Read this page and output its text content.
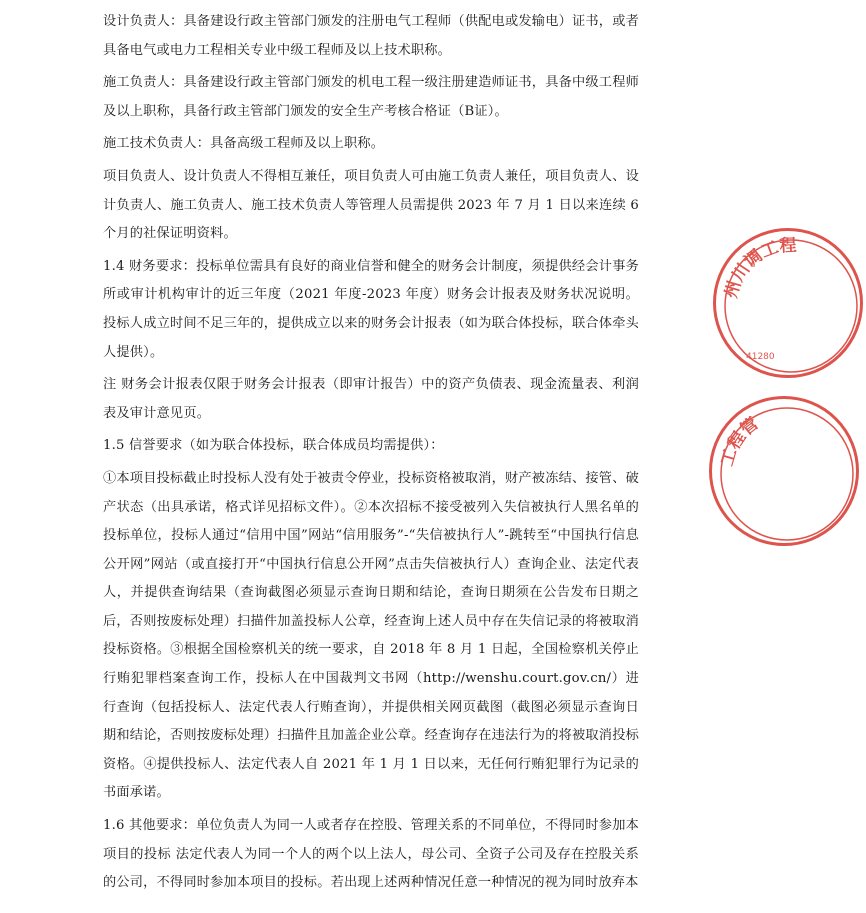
设计负责人：具备建设行政主管部门颁发的注册电气工程师（供配电或发输电）证书，或者具备电气或电力工程相关专业中级工程师及以上技术职称。

施工负责人：具备建设行政主管部门颁发的机电工程一级注册建造师证书，具备中级工程师及以上职称，具备行政主管部门颁发的安全生产考核合格证（B证）。

施工技术负责人：具备高级工程师及以上职称。

项目负责人、设计负责人不得相互兼任，项目负责人可由施工负责人兼任，项目负责人、设计负责人、施工负责人、施工技术负责人等管理人员需提供 2023 年 7 月 1 日以来连续 6 个月的社保证明资料。

1.4 财务要求：投标单位需具有良好的商业信誉和健全的财务会计制度，须提供经会计事务所或审计机构审计的近三年度（2021 年度-2023 年度）财务会计报表及财务状况说明。投标人成立时间不足三年的，提供成立以来的财务会计报表（如为联合体投标，联合体牵头人提供）。

注 财务会计报表仅限于财务会计报表（即审计报告）中的资产负债表、现金流量表、利润表及审计意见页。

1.5 信誉要求（如为联合体投标，联合体成员均需提供）：

①本项目投标截止时投标人没有处于被责令停业，投标资格被取消，财产被冻结、接管、破产状态（出具承诺，格式详见招标文件）。②本次招标不接受被列入失信被执行人黑名单的投标单位，投标人通过“信用中国”网站“信用服务”-“失信被执行人”-跳转至“中国执行信息公开网”网站（或直接打开“中国执行信息公开网”点击失信被执行人）查询企业、法定代表人，并提供查询结果（查询截图必须显示查询日期和结论，查询日期须在公告发布日期之后，否则按废标处理）扫描件加盖投标人公章，经查询上述人员中存在失信记录的将被取消投标资格。③根据全国检察机关的统一要求，自 2018 年 8 月 1 日起，全国检察机关停止行贿犯罪档案查询工作，投标人在中国裁判文书网（http://wenshu.court.gov.cn/）进行查询（包括投标人、法定代表人行贿查询），并提供相关网页截图（截图必须显示查询日期和结论，否则按废标处理）扫描件且加盖企业公章。经查询存在违法行为的将被取消投标资格。④提供投标人、法定代表人自 2021 年 1 月 1 日以来，无任何行贿犯罪行为记录的书面承诺。

1.6 其他要求：单位负责人为同一人或者存在控股、管理关系的不同单位，不得同时参加本项目的投标 法定代表人为同一个人的两个以上法人，母公司、全资子公司及存在控股关系的公司，不得同时参加本项目的投标。若出现上述两种情况任意一种情况的视为同时放弃本

州川调工程
41280
工程管
